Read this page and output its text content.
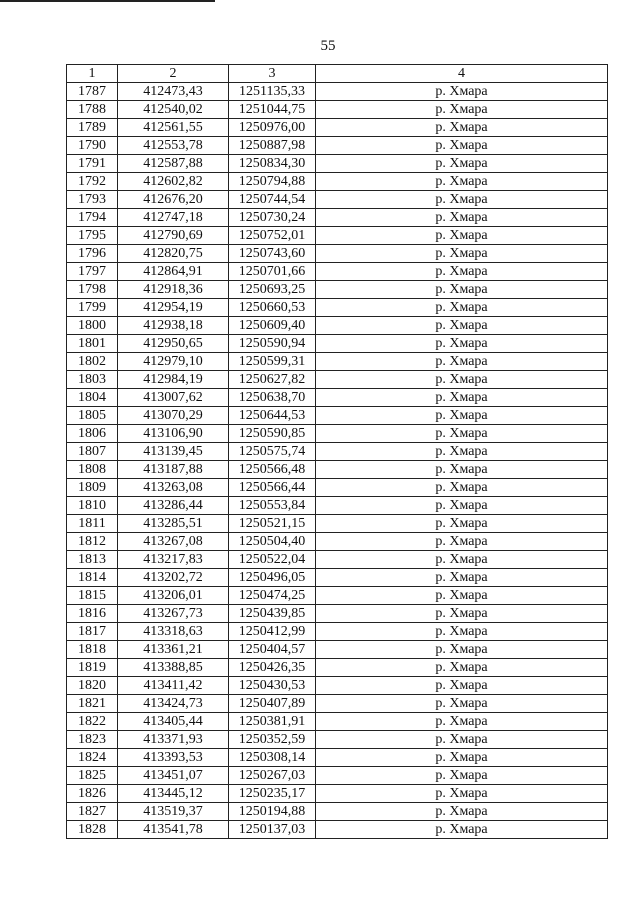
55
1	2	3	4
1787	412473,43	1251135,33	р. Хмара
1788	412540,02	1251044,75	р. Хмара
1789	412561,55	1250976,00	р. Хмара
1790	412553,78	1250887,98	р. Хмара
1791	412587,88	1250834,30	р. Хмара
1792	412602,82	1250794,88	р. Хмара
1793	412676,20	1250744,54	р. Хмара
1794	412747,18	1250730,24	р. Хмара
1795	412790,69	1250752,01	р. Хмара
1796	412820,75	1250743,60	р. Хмара
1797	412864,91	1250701,66	р. Хмара
1798	412918,36	1250693,25	р. Хмара
1799	412954,19	1250660,53	р. Хмара
1800	412938,18	1250609,40	р. Хмара
1801	412950,65	1250590,94	р. Хмара
1802	412979,10	1250599,31	р. Хмара
1803	412984,19	1250627,82	р. Хмара
1804	413007,62	1250638,70	р. Хмара
1805	413070,29	1250644,53	р. Хмара
1806	413106,90	1250590,85	р. Хмара
1807	413139,45	1250575,74	р. Хмара
1808	413187,88	1250566,48	р. Хмара
1809	413263,08	1250566,44	р. Хмара
1810	413286,44	1250553,84	р. Хмара
1811	413285,51	1250521,15	р. Хмара
1812	413267,08	1250504,40	р. Хмара
1813	413217,83	1250522,04	р. Хмара
1814	413202,72	1250496,05	р. Хмара
1815	413206,01	1250474,25	р. Хмара
1816	413267,73	1250439,85	р. Хмара
1817	413318,63	1250412,99	р. Хмара
1818	413361,21	1250404,57	р. Хмара
1819	413388,85	1250426,35	р. Хмара
1820	413411,42	1250430,53	р. Хмара
1821	413424,73	1250407,89	р. Хмара
1822	413405,44	1250381,91	р. Хмара
1823	413371,93	1250352,59	р. Хмара
1824	413393,53	1250308,14	р. Хмара
1825	413451,07	1250267,03	р. Хмара
1826	413445,12	1250235,17	р. Хмара
1827	413519,37	1250194,88	р. Хмара
1828	413541,78	1250137,03	р. Хмара
